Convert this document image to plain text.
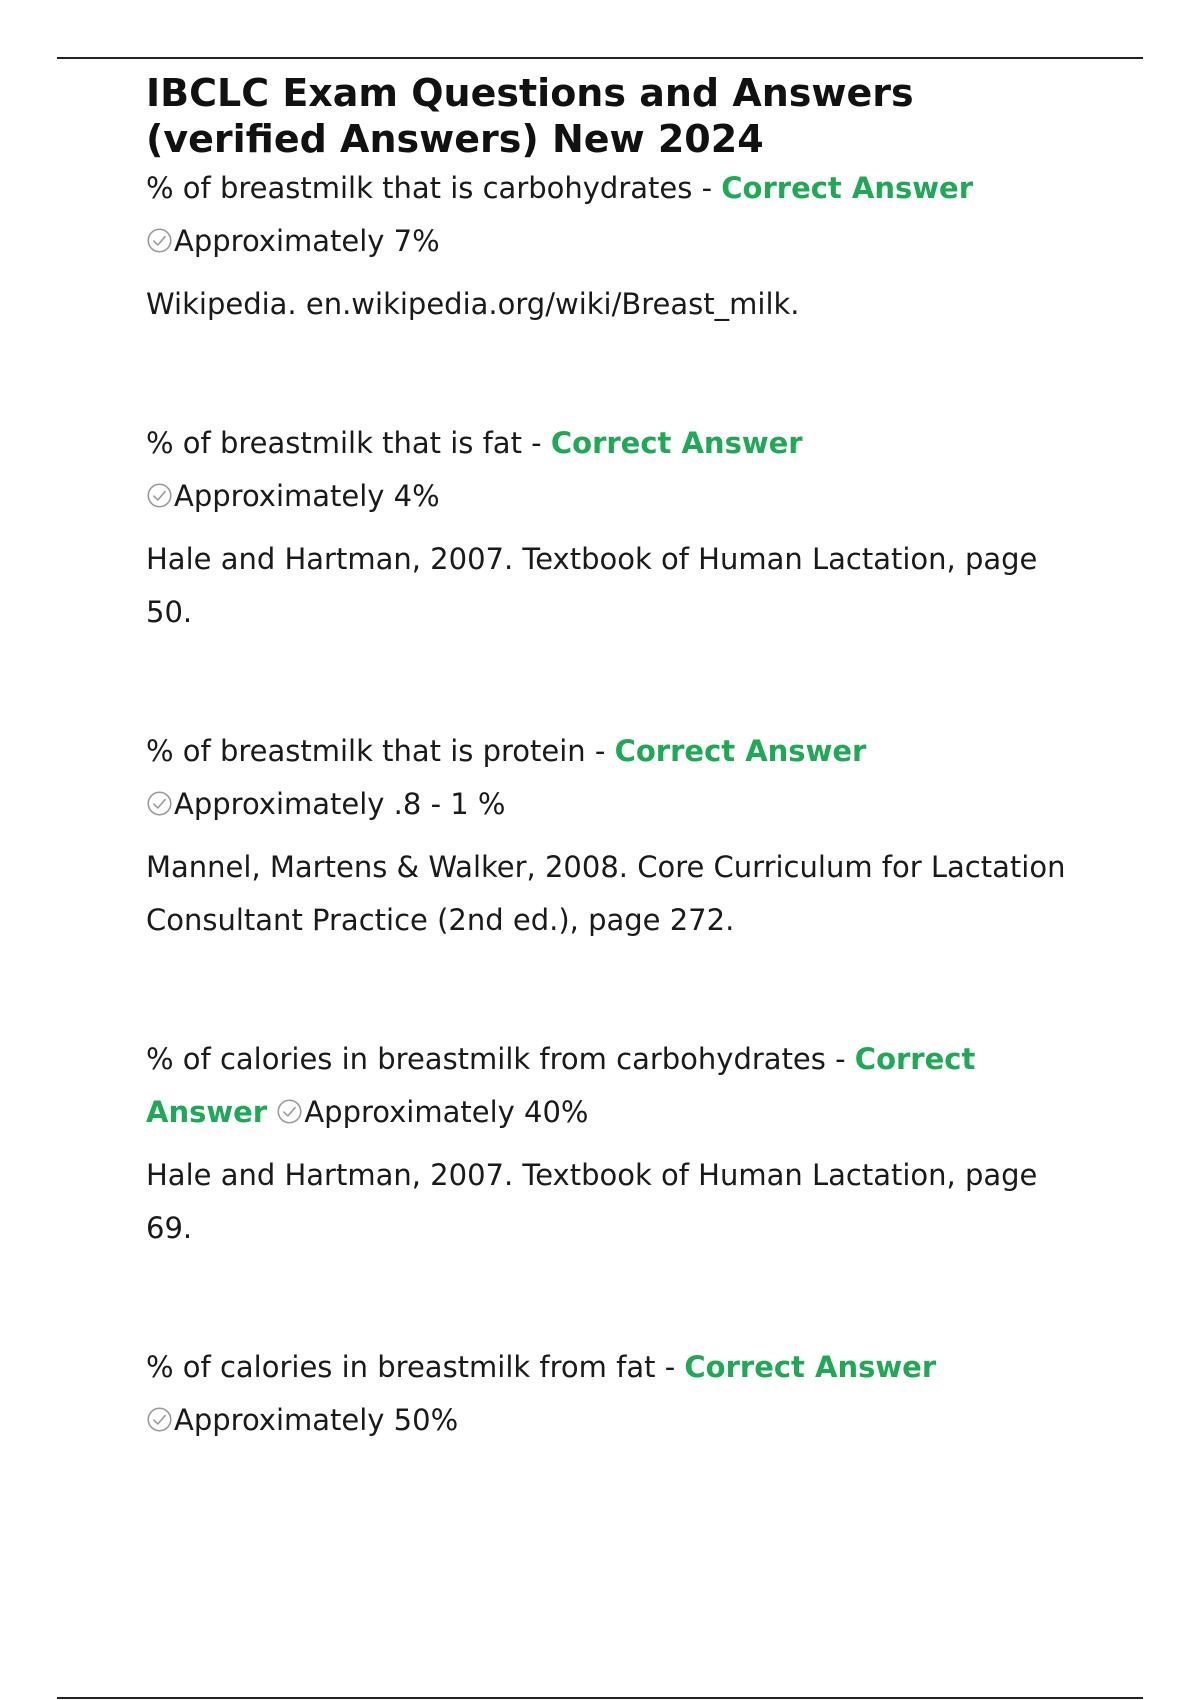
IBCLC Exam Questions and Answers (verified Answers) New 2024

% of breastmilk that is carbohydrates - Correct Answer

Approximately 7%

Wikipedia. en.wikipedia.org/wiki/Breast_milk.

% of breastmilk that is fat - Correct Answer

Approximately 4%

Hale and Hartman, 2007. Textbook of Human Lactation, page 50.

% of breastmilk that is protein - Correct Answer

Approximately .8 - 1 %

Mannel, Martens & Walker, 2008. Core Curriculum for Lactation Consultant Practice (2nd ed.), page 272.

% of calories in breastmilk from carbohydrates - Correct Answer Approximately 40%

Hale and Hartman, 2007. Textbook of Human Lactation, page 69.

% of calories in breastmilk from fat - Correct Answer

Approximately 50%
